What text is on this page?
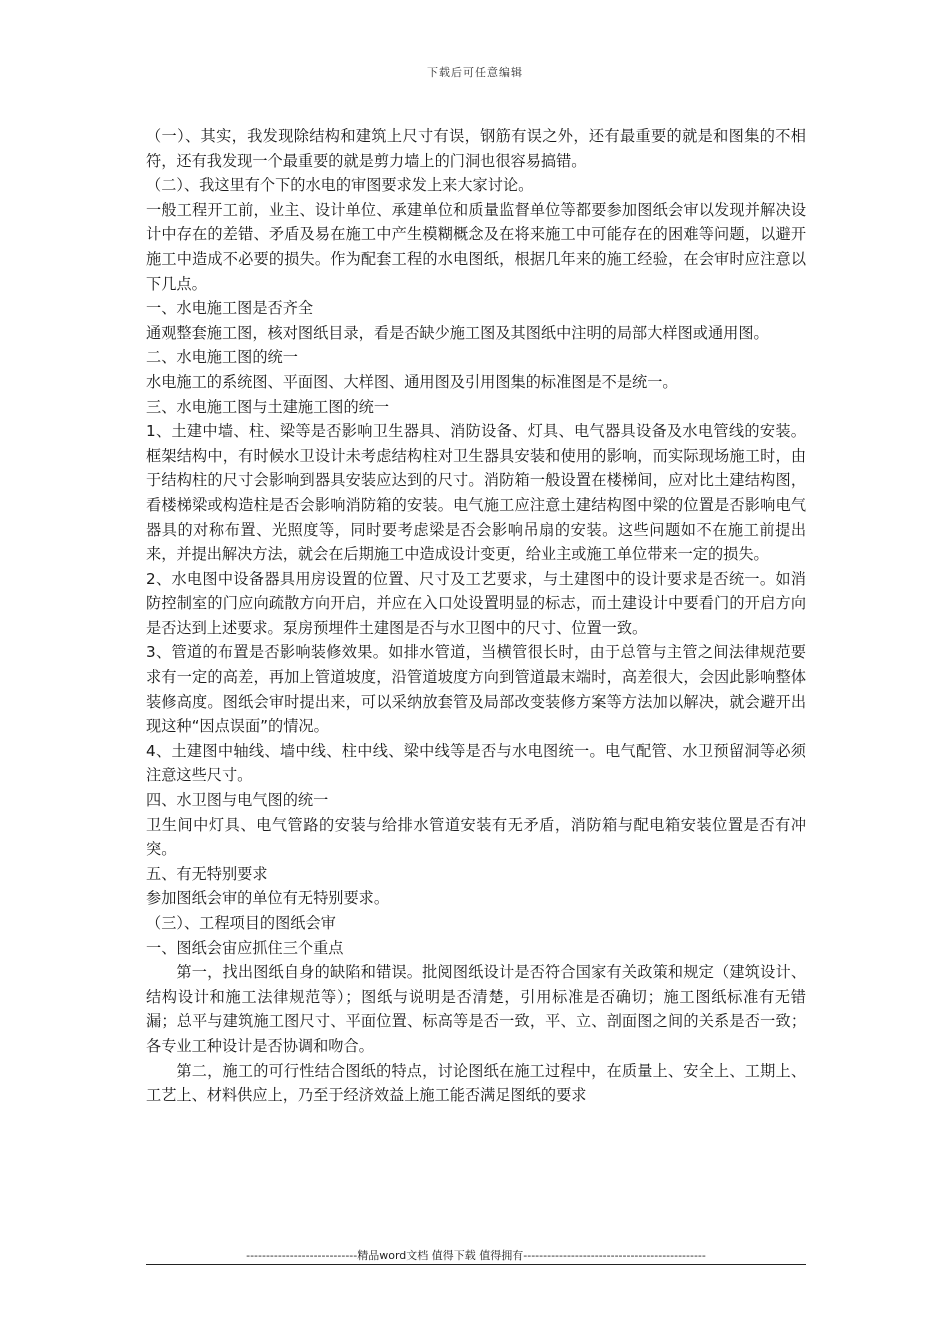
下载后可任意编辑

（一）、其实，我发现除结构和建筑上尺寸有误，钢筋有误之外，还有最重要的就是和图集的不相符，还有我发现一个最重要的就是剪力墙上的门洞也很容易搞错。

（二）、我这里有个下的水电的审图要求发上来大家讨论。

一般工程开工前，业主、设计单位、承建单位和质量监督单位等都要参加图纸会审以发现并解决设计中存在的差错、矛盾及易在施工中产生模糊概念及在将来施工中可能存在的困难等问题，以避开施工中造成不必要的损失。作为配套工程的水电图纸，根据几年来的施工经验，在会审时应注意以下几点。

一、水电施工图是否齐全

通观整套施工图，核对图纸目录，看是否缺少施工图及其图纸中注明的局部大样图或通用图。

二、水电施工图的统一

水电施工的系统图、平面图、大样图、通用图及引用图集的标准图是不是统一。

三、水电施工图与土建施工图的统一

1、土建中墙、柱、梁等是否影响卫生器具、消防设备、灯具、电气器具设备及水电管线的安装。框架结构中，有时候水卫设计未考虑结构柱对卫生器具安装和使用的影响，而实际现场施工时，由于结构柱的尺寸会影响到器具安装应达到的尺寸。消防箱一般设置在楼梯间，应对比土建结构图，看楼梯梁或构造柱是否会影响消防箱的安装。电气施工应注意土建结构图中梁的位置是否影响电气器具的对称布置、光照度等，同时要考虑梁是否会影响吊扇的安装。这些问题如不在施工前提出来，并提出解决方法，就会在后期施工中造成设计变更，给业主或施工单位带来一定的损失。

2、水电图中设备器具用房设置的位置、尺寸及工艺要求，与土建图中的设计要求是否统一。如消防控制室的门应向疏散方向开启，并应在入口处设置明显的标志，而土建设计中要看门的开启方向是否达到上述要求。泵房预埋件土建图是否与水卫图中的尺寸、位置一致。

3、管道的布置是否影响装修效果。如排水管道，当横管很长时，由于总管与主管之间法律规范要求有一定的高差，再加上管道坡度，沿管道坡度方向到管道最末端时，高差很大，会因此影响整体装修高度。图纸会审时提出来，可以采纳放套管及局部改变装修方案等方法加以解决，就会避开出现这种“因点误面”的情况。

4、土建图中轴线、墙中线、柱中线、梁中线等是否与水电图统一。电气配管、水卫预留洞等必须注意这些尺寸。

四、水卫图与电气图的统一

卫生间中灯具、电气管路的安装与给排水管道安装有无矛盾，消防箱与配电箱安装位置是否有冲突。

五、有无特别要求

参加图纸会审的单位有无特别要求。

（三）、工程项目的图纸会审

一、图纸会宙应抓住三个重点

第一，找出图纸自身的缺陷和错误。批阅图纸设计是否符合国家有关政策和规定（建筑设计、结构设计和施工法律规范等）；图纸与说明是否清楚，引用标准是否确切；施工图纸标准有无错漏；总平与建筑施工图尺寸、平面位置、标高等是否一致，平、立、剖面图之间的关系是否一致；各专业工种设计是否协调和吻合。

第二，施工的可行性结合图纸的特点，讨论图纸在施工过程中，在质量上、安全上、工期上、工艺上、材料供应上，乃至于经济效益上施工能否满足图纸的要求

----------------------------精品word文档 值得下载 值得拥有----------------------------------------------
